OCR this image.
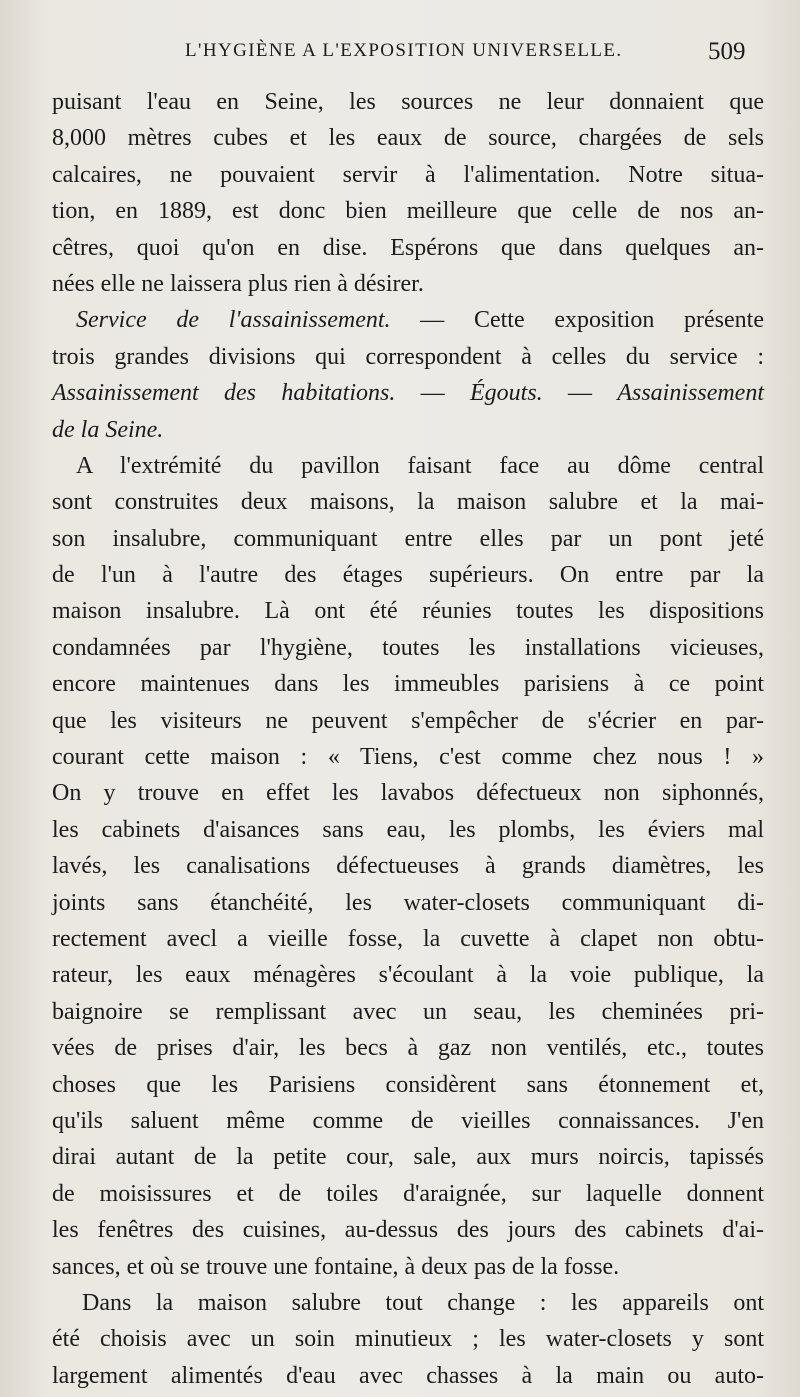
L'HYGIÈNE A L'EXPOSITION UNIVERSELLE.	509
puisant l'eau en Seine, les sources ne leur donnaient que
8,000 mètres cubes et les eaux de source, chargées de sels
calcaires, ne pouvaient servir à l'alimentation. Notre situa-
tion, en 1889, est donc bien meilleure que celle de nos an-
cêtres, quoi qu'on en dise. Espérons que dans quelques an-
nées elle ne laissera plus rien à désirer.
Service de l'assainissement. — Cette exposition présente
trois grandes divisions qui correspondent à celles du service :
Assainissement des habitations. — Égouts. — Assainissement
de la Seine.
A l'extrémité du pavillon faisant face au dôme central
sont construites deux maisons, la maison salubre et la mai-
son insalubre, communiquant entre elles par un pont jeté
de l'un à l'autre des étages supérieurs. On entre par la
maison insalubre. Là ont été réunies toutes les dispositions
condamnées par l'hygiène, toutes les installations vicieuses,
encore maintenues dans les immeubles parisiens à ce point
que les visiteurs ne peuvent s'empêcher de s'écrier en par-
courant cette maison : « Tiens, c'est comme chez nous ! »
On y trouve en effet les lavabos défectueux non siphonnés,
les cabinets d'aisances sans eau, les plombs, les éviers mal
lavés, les canalisations défectueuses à grands diamètres, les
joints sans étanchéité, les water-closets communiquant di-
rectement avecl a vieille fosse, la cuvette à clapet non obtu-
rateur, les eaux ménagères s'écoulant à la voie publique, la
baignoire se remplissant avec un seau, les cheminées pri-
vées de prises d'air, les becs à gaz non ventilés, etc., toutes
choses que les Parisiens considèrent sans étonnement et,
qu'ils saluent même comme de vieilles connaissances. J'en
dirai autant de la petite cour, sale, aux murs noircis, tapissés
de moisissures et de toiles d'araignée, sur laquelle donnent
les fenêtres des cuisines, au-dessus des jours des cabinets d'ai-
sances, et où se trouve une fontaine, à deux pas de la fosse.
Dans la maison salubre tout change : les appareils ont
été choisis avec un soin minutieux ; les water-closets y sont
largement alimentés d'eau avec chasses à la main ou auto-
